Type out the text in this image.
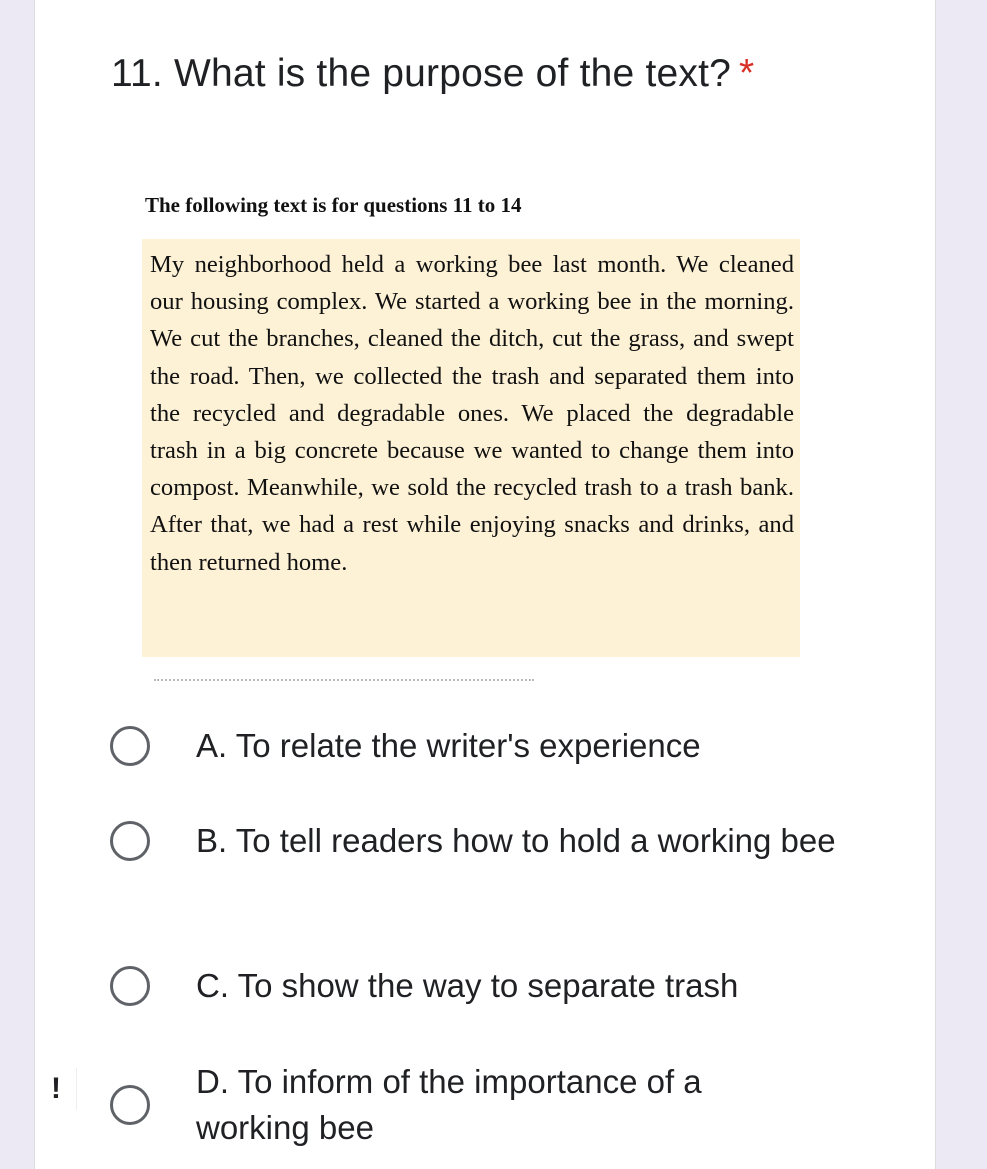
11. What is the purpose of the text? *
The following text is for questions 11 to 14
My neighborhood held a working bee last month. We cleaned our housing complex. We started a working bee in the morning. We cut the branches, cleaned the ditch, cut the grass, and swept the road. Then, we collected the trash and separated them into the recycled and degradable ones. We placed the degradable trash in a big concrete because we wanted to change them into compost. Meanwhile, we sold the recycled trash to a trash bank. After that, we had a rest while enjoying snacks and drinks, and then returned home.
A. To relate the writer's experience
B. To tell readers how to hold a working bee
C. To show the way to separate trash
D. To inform of the importance of a working bee
!
